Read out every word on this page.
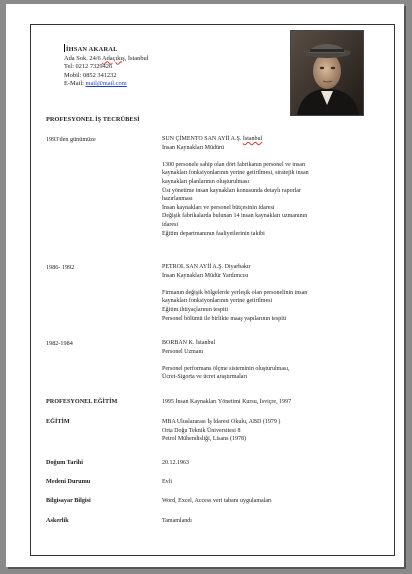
İHSAN AKARAL
Ada Sok. 24/6 Adaçıkış, İstanbul
Tel: 0212 7329426
Mobil: 0852 341232
E-Mail: mail@mail.com
PROFESYONEL İŞ TECRÜBESİ
1993'den günümüze	SUN ÇİMENTO SAN AYİİ A.Ş. İstanbul

İnsan Kaynakları Müdürü

1300 personele sahip olan dört fabrikanın personel ve insan

kaynakları fonksiyonlarının yerine getirilmesi, stratejik insan

kaynakları planlarının oluşturulması

Üst yönetime insan kaynakları konusunda detaylı raporlar

hazırlanması

İnsan kaynakları ve personel bütçesinin idaresi

Değişik fabrikalarda bulunan 14 insan kaynakları uzmanının

idaresi

Eğitim departmanının faaliyetlerinin takibi

1986- 1992	PETROL SAN AYİİ A.Ş. Diyarbakır

İnsan Kaynakları Müdür Yardımcısı

Firmanın değişik bölgelerde yerleşik olan personelinin insan

kaynakları fonksiyonlarının yerine getirilmesi

Eğitim ihtiyaçlarının tespiti

Personel bölümü ile birlikte maaş yapılarının tespiti

1982-1984	BORBAN K. İstanbul

Personel Uzmanı

Personel performans ölçme sisteminin oluşturulması,

Ücret-Sigorta ve ücret araştırmaları

PROFESYONEL EĞİTİM	1995 İnsan Kaynakları Yönetimi Kursu, İsviçre, 1997

EĞİTİM	MBA Uluslararası İş İdaresi Okulu, ABD (1979 )

Orta Doğu Teknik Üniversitesi 8

Petrol Mühendisliği, Lisans (1978)

Doğum Tarihi	20.12.1963

Medeni Durumu	Evli

Bilgisayar Bilgisi	Word, Excel, Access veri tabanı uygulamaları

Askerlik	Tamamlandı
